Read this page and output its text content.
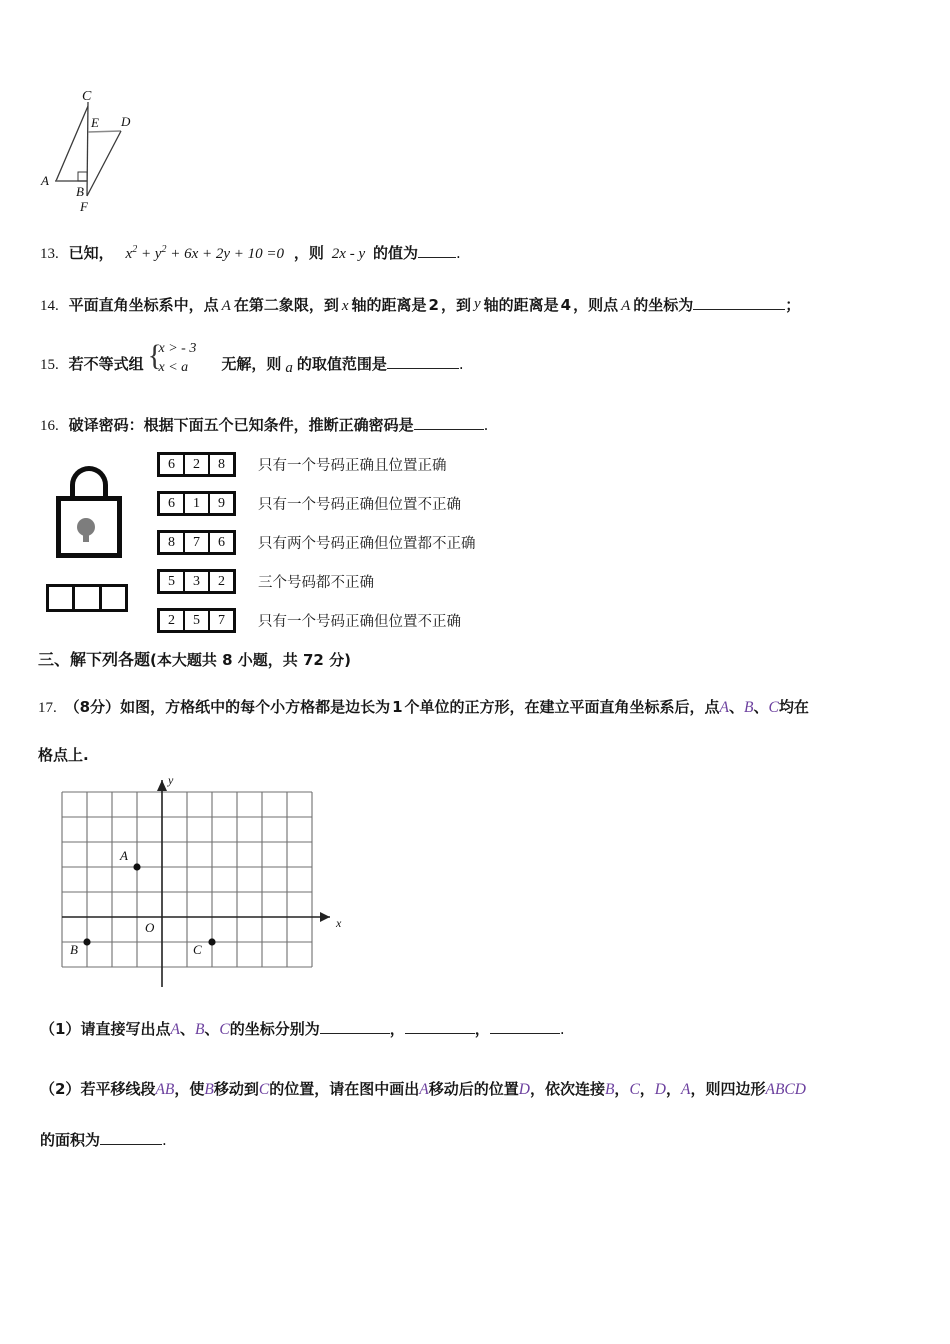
C
E D
A
B
F
13. 已知， $x^2 + y^2 + 6x + 2y + 10 =0$ ，则 2x - y 的值为	.
14. 平面直角坐标系中，点 A 在第二象限，到 x 轴的距离是 2 ，到 y 轴的距离是 4 ，则点 A 的坐标为	；
15. 若不等式组 {
x > - 3
x < a 无解，则 a 的取值范围是	.
16. 破译密码：根据下面五个已知条件，推断正确密码是	.
6	2	8	只有一个号码正确且位置正确
6	1	9	只有一个号码正确但位置不正确
8	7	6	只有两个号码正确但位置都不正确
5	3	2	三个号码都不正确
2	5	7	只有一个号码正确但位置不正确
三、解下列各题(本大题共 8 小题，共 72 分)
17. （8分）如图，方格纸中的每个小方格都是边长为 1 个单位的正方形，在建立平面直角坐标系后，点A、B、C均在
格点上.
x
y
O
A
B	C
（1）请直接写出点A、B、C的坐标分别为	，	，	.
（2）若平移线段AB，使B移动到C的位置，请在图中画出A移动后的位置D，依次连接B，C，D，A，则四边形ABCD
的面积为	.
